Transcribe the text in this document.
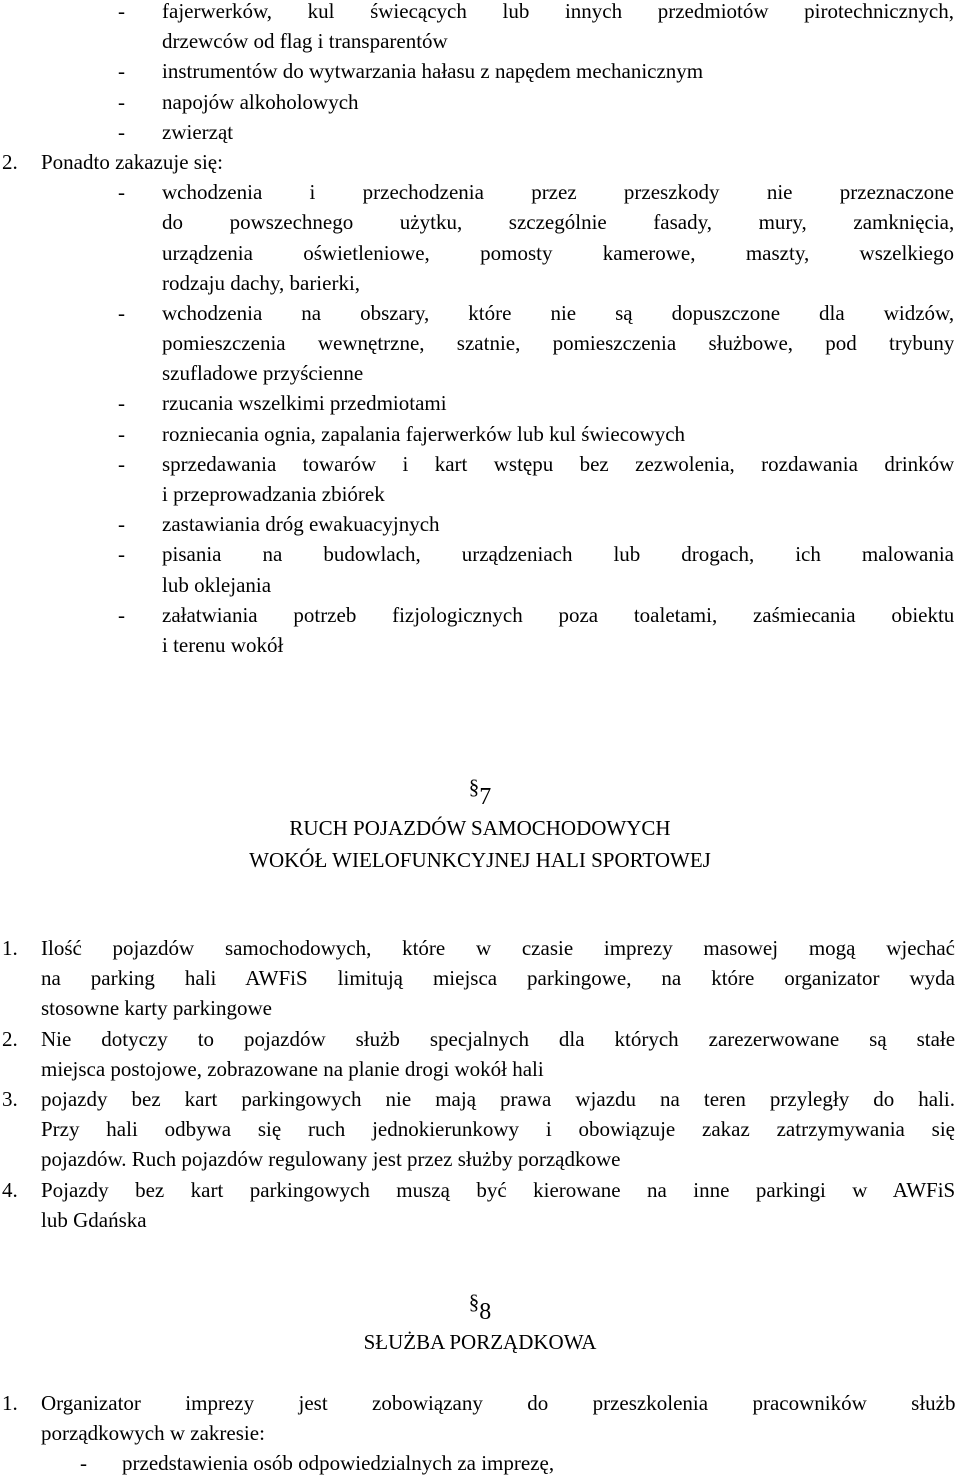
- fajerwerków, kul świecących lub innych przedmiotów pirotechnicznych,
drzewców od flag i transparentów
- instrumentów do wytwarzania hałasu z napędem mechanicznym
- napojów alkoholowych
- zwierząt
2. Ponadto zakazuje się:
- wchodzenia i przechodzenia przez przeszkody nie przeznaczone
do powszechnego użytku, szczególnie fasady, mury, zamknięcia,
urządzenia oświetleniowe, pomosty kamerowe, maszty, wszelkiego
rodzaju dachy, barierki,
- wchodzenia na obszary, które nie są dopuszczone dla widzów,
pomieszczenia wewnętrzne, szatnie, pomieszczenia służbowe, pod trybuny
szufladowe przyścienne
- rzucania wszelkimi przedmiotami
- rozniecania ognia, zapalania fajerwerków lub kul świecowych
- sprzedawania towarów i kart wstępu bez zezwolenia, rozdawania drinków
i przeprowadzania zbiórek
- zastawiania dróg ewakuacyjnych
- pisania na budowlach, urządzeniach lub drogach, ich malowania
lub oklejania
- załatwiania potrzeb fizjologicznych poza toaletami, zaśmiecania obiektu
i terenu wokół
§7
RUCH POJAZDÓW SAMOCHODOWYCH
WOKÓŁ WIELOFUNKCYJNEJ HALI SPORTOWEJ
1. Ilość pojazdów samochodowych, które w czasie imprezy masowej mogą wjechać
na parking hali AWFiS limitują miejsca parkingowe, na które organizator wyda
stosowne karty parkingowe
2. Nie dotyczy to pojazdów służb specjalnych dla których zarezerwowane są stałe
miejsca postojowe, zobrazowane na planie drogi wokół hali
3. pojazdy bez kart parkingowych nie mają prawa wjazdu na teren przyległy do hali.
Przy hali odbywa się ruch jednokierunkowy i obowiązuje zakaz zatrzymywania się
pojazdów. Ruch pojazdów regulowany jest przez służby porządkowe
4. Pojazdy bez kart parkingowych muszą być kierowane na inne parkingi w AWFiS
lub Gdańska
§8
SŁUŻBA PORZĄDKOWA
1. Organizator imprezy jest zobowiązany do przeszkolenia pracowników służb
porządkowych w zakresie:
- przedstawienia osób odpowiedzialnych za imprezę,
